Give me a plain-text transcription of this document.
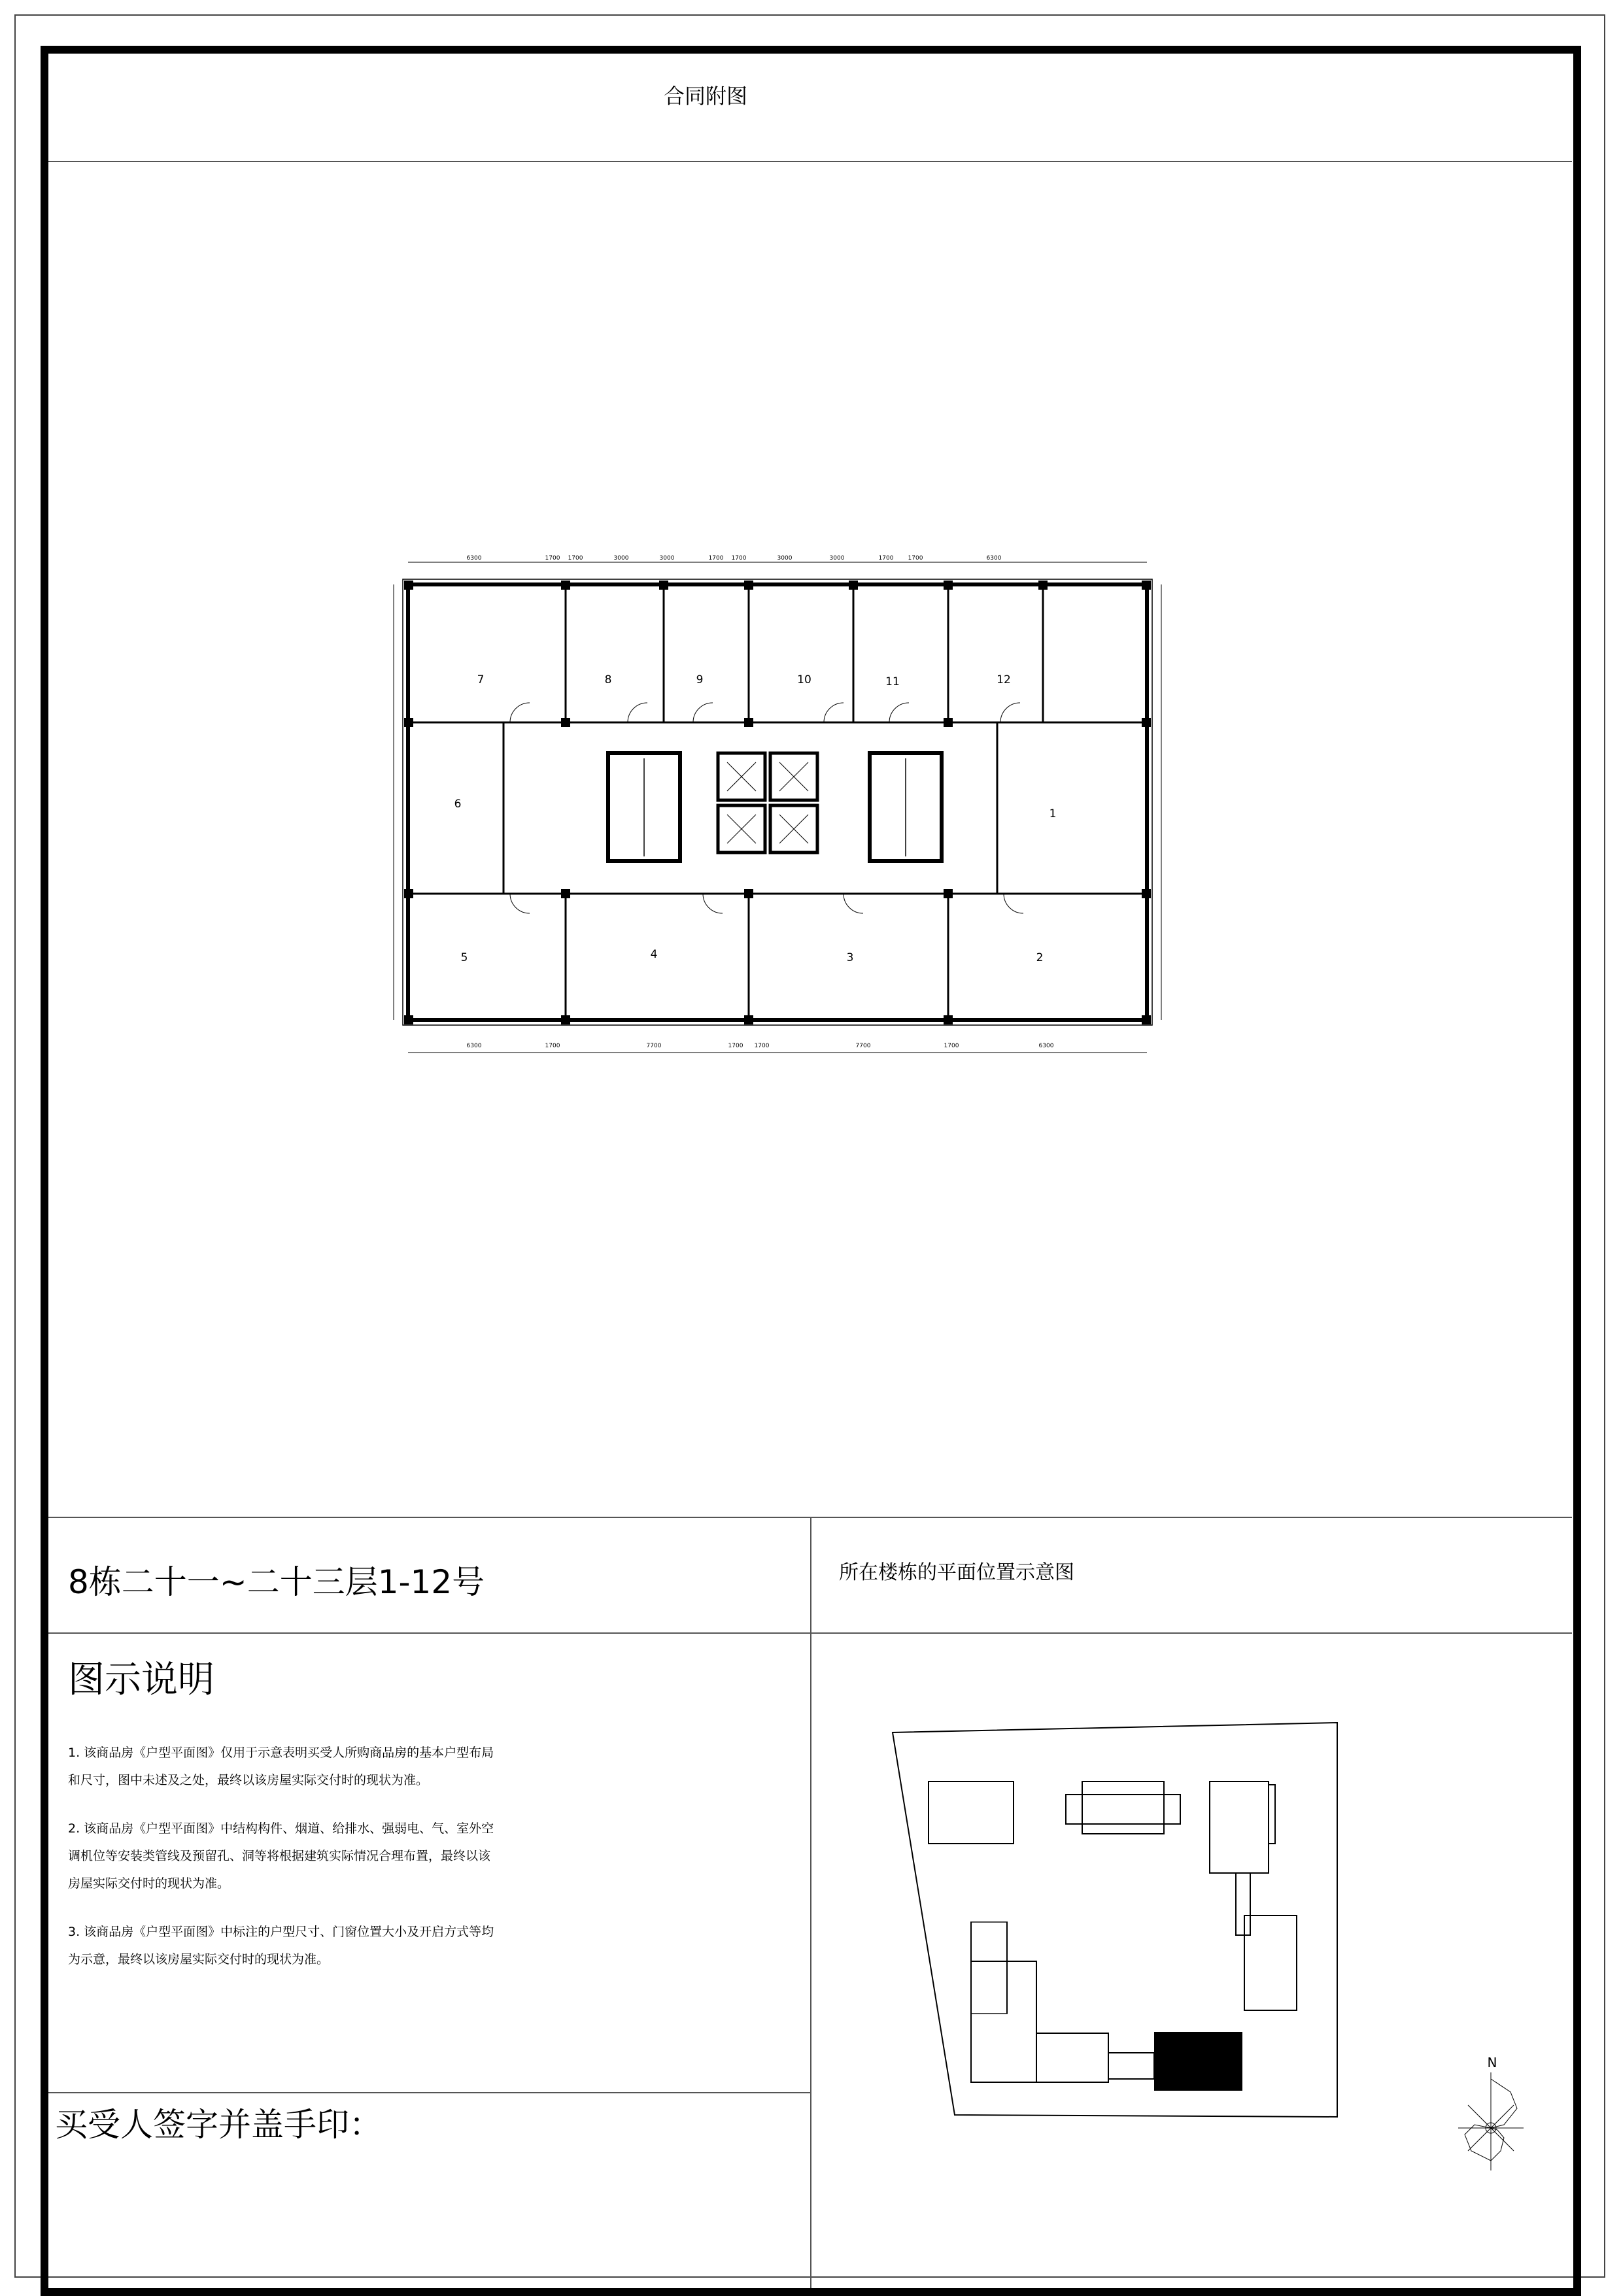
合同附图
6300	1700 1700	3000	3000	1700 1700	3000	3000	1700 1700	6300
6300	1700	7700	1700 1700	7700	1700	6300
1
2
3
4
5
6
7	8	9	10	11	12
8栋二十一~二十三层1-12号	所在楼栋的平面位置示意图
图示说明
1. 该商品房《户型平面图》仅用于示意表明买受人所购商品房的基本户型布局
和尺寸，图中未述及之处，最终以该房屋实际交付时的现状为准。
2. 该商品房《户型平面图》中结构构件、烟道、给排水、强弱电、气、室外空
调机位等安装类管线及预留孔、洞等将根据建筑实际情况合理布置，最终以该
房屋实际交付时的现状为准。
3. 该商品房《户型平面图》中标注的户型尺寸、门窗位置大小及开启方式等均
为示意，最终以该房屋实际交付时的现状为准。
买受人签字并盖手印：
N
